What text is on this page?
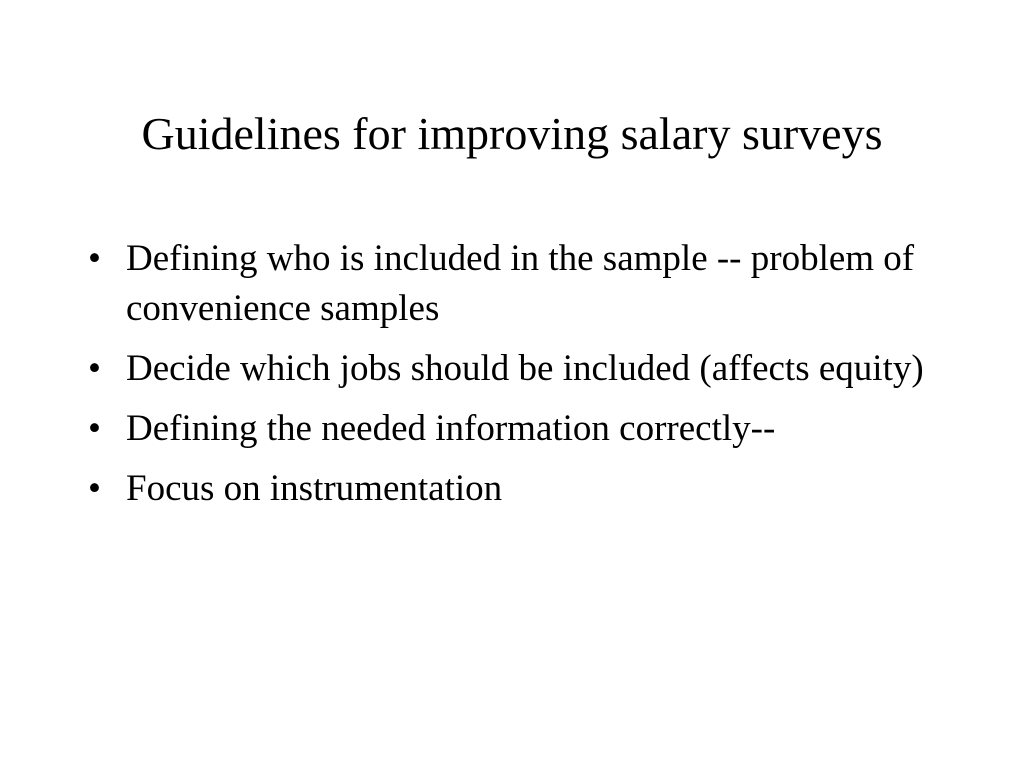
Guidelines for improving salary surveys
• Defining who is included in the sample -- problem of convenience samples
• Decide which jobs should be included (affects equity)
• Defining the needed information correctly--
• Focus on instrumentation
